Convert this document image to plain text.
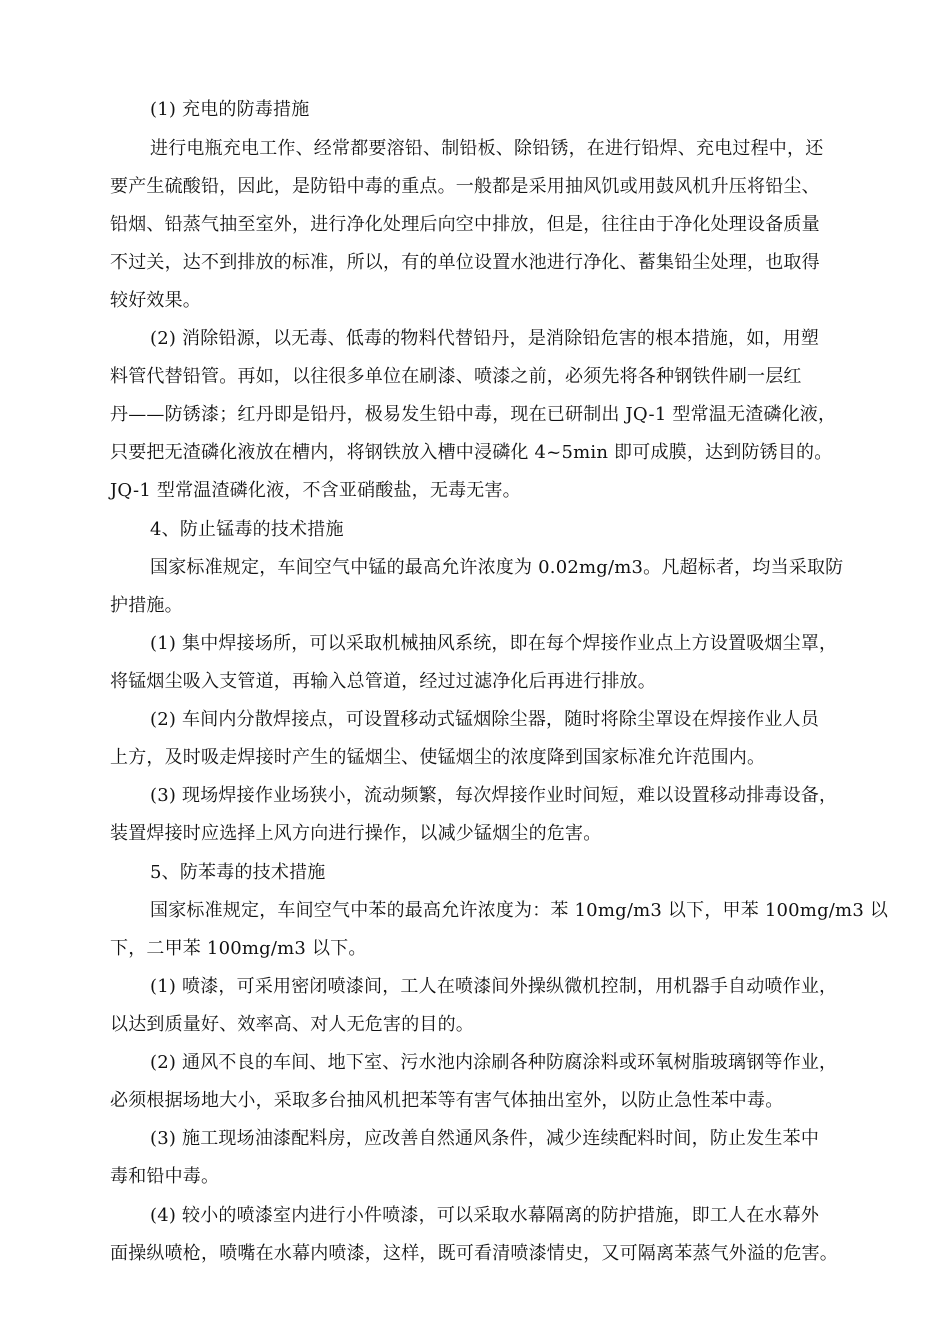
(1) 充电的防毒措施
进行电瓶充电工作、经常都要溶铅、制铅板、除铅锈，在进行铅焊、充电过程中，还
要产生硫酸铅，因此，是防铅中毒的重点。一般都是采用抽风饥或用鼓风机升压将铅尘、
铅烟、铅蒸气抽至室外，进行净化处理后向空中排放，但是，往往由于净化处理设备质量
不过关，达不到排放的标准，所以，有的单位设置水池进行净化、蓄集铅尘处理，也取得
较好效果。
(2) 消除铅源，以无毒、低毒的物料代替铅丹，是消除铅危害的根本措施，如，用塑
料管代替铅管。再如，以往很多单位在刷漆、喷漆之前，必须先将各种钢铁件刷一层红
丹——防锈漆；红丹即是铅丹，极易发生铅中毒，现在已研制出 JQ-1 型常温无渣磷化液，
只要把无渣磷化液放在槽内，将钢铁放入槽中浸磷化 4~5min 即可成膜，达到防锈目的。
JQ-1 型常温渣磷化液，不含亚硝酸盐，无毒无害。
4、防止锰毒的技术措施
国家标准规定，车间空气中锰的最高允许浓度为 0.02mg/m3。凡超标者，均当采取防
护措施。
(1) 集中焊接场所，可以采取机械抽风系统，即在每个焊接作业点上方设置吸烟尘罩，
将锰烟尘吸入支管道，再输入总管道，经过过滤净化后再进行排放。
(2) 车间内分散焊接点，可设置移动式锰烟除尘器，随时将除尘罩设在焊接作业人员
上方，及时吸走焊接时产生的锰烟尘、使锰烟尘的浓度降到国家标准允许范围内。
(3) 现场焊接作业场狭小，流动频繁，每次焊接作业时间短，难以设置移动排毒设备，
装置焊接时应选择上风方向进行操作，以减少锰烟尘的危害。
5、防苯毒的技术措施
国家标准规定，车间空气中苯的最高允许浓度为：苯 10mg/m3 以下，甲苯 100mg/m3 以
下，二甲苯 100mg/m3 以下。
(1) 喷漆，可采用密闭喷漆间，工人在喷漆间外操纵微机控制，用机器手自动喷作业，
以达到质量好、效率高、对人无危害的目的。
(2) 通风不良的车间、地下室、污水池内涂刷各种防腐涂料或环氧树脂玻璃钢等作业，
必须根据场地大小，采取多台抽风机把苯等有害气体抽出室外，以防止急性苯中毒。
(3) 施工现场油漆配料房，应改善自然通风条件，减少连续配料时间，防止发生苯中
毒和铅中毒。
(4) 较小的喷漆室内进行小件喷漆，可以采取水幕隔离的防护措施，即工人在水幕外
面操纵喷枪，喷嘴在水幕内喷漆，这样，既可看清喷漆情史，又可隔离苯蒸气外溢的危害。
